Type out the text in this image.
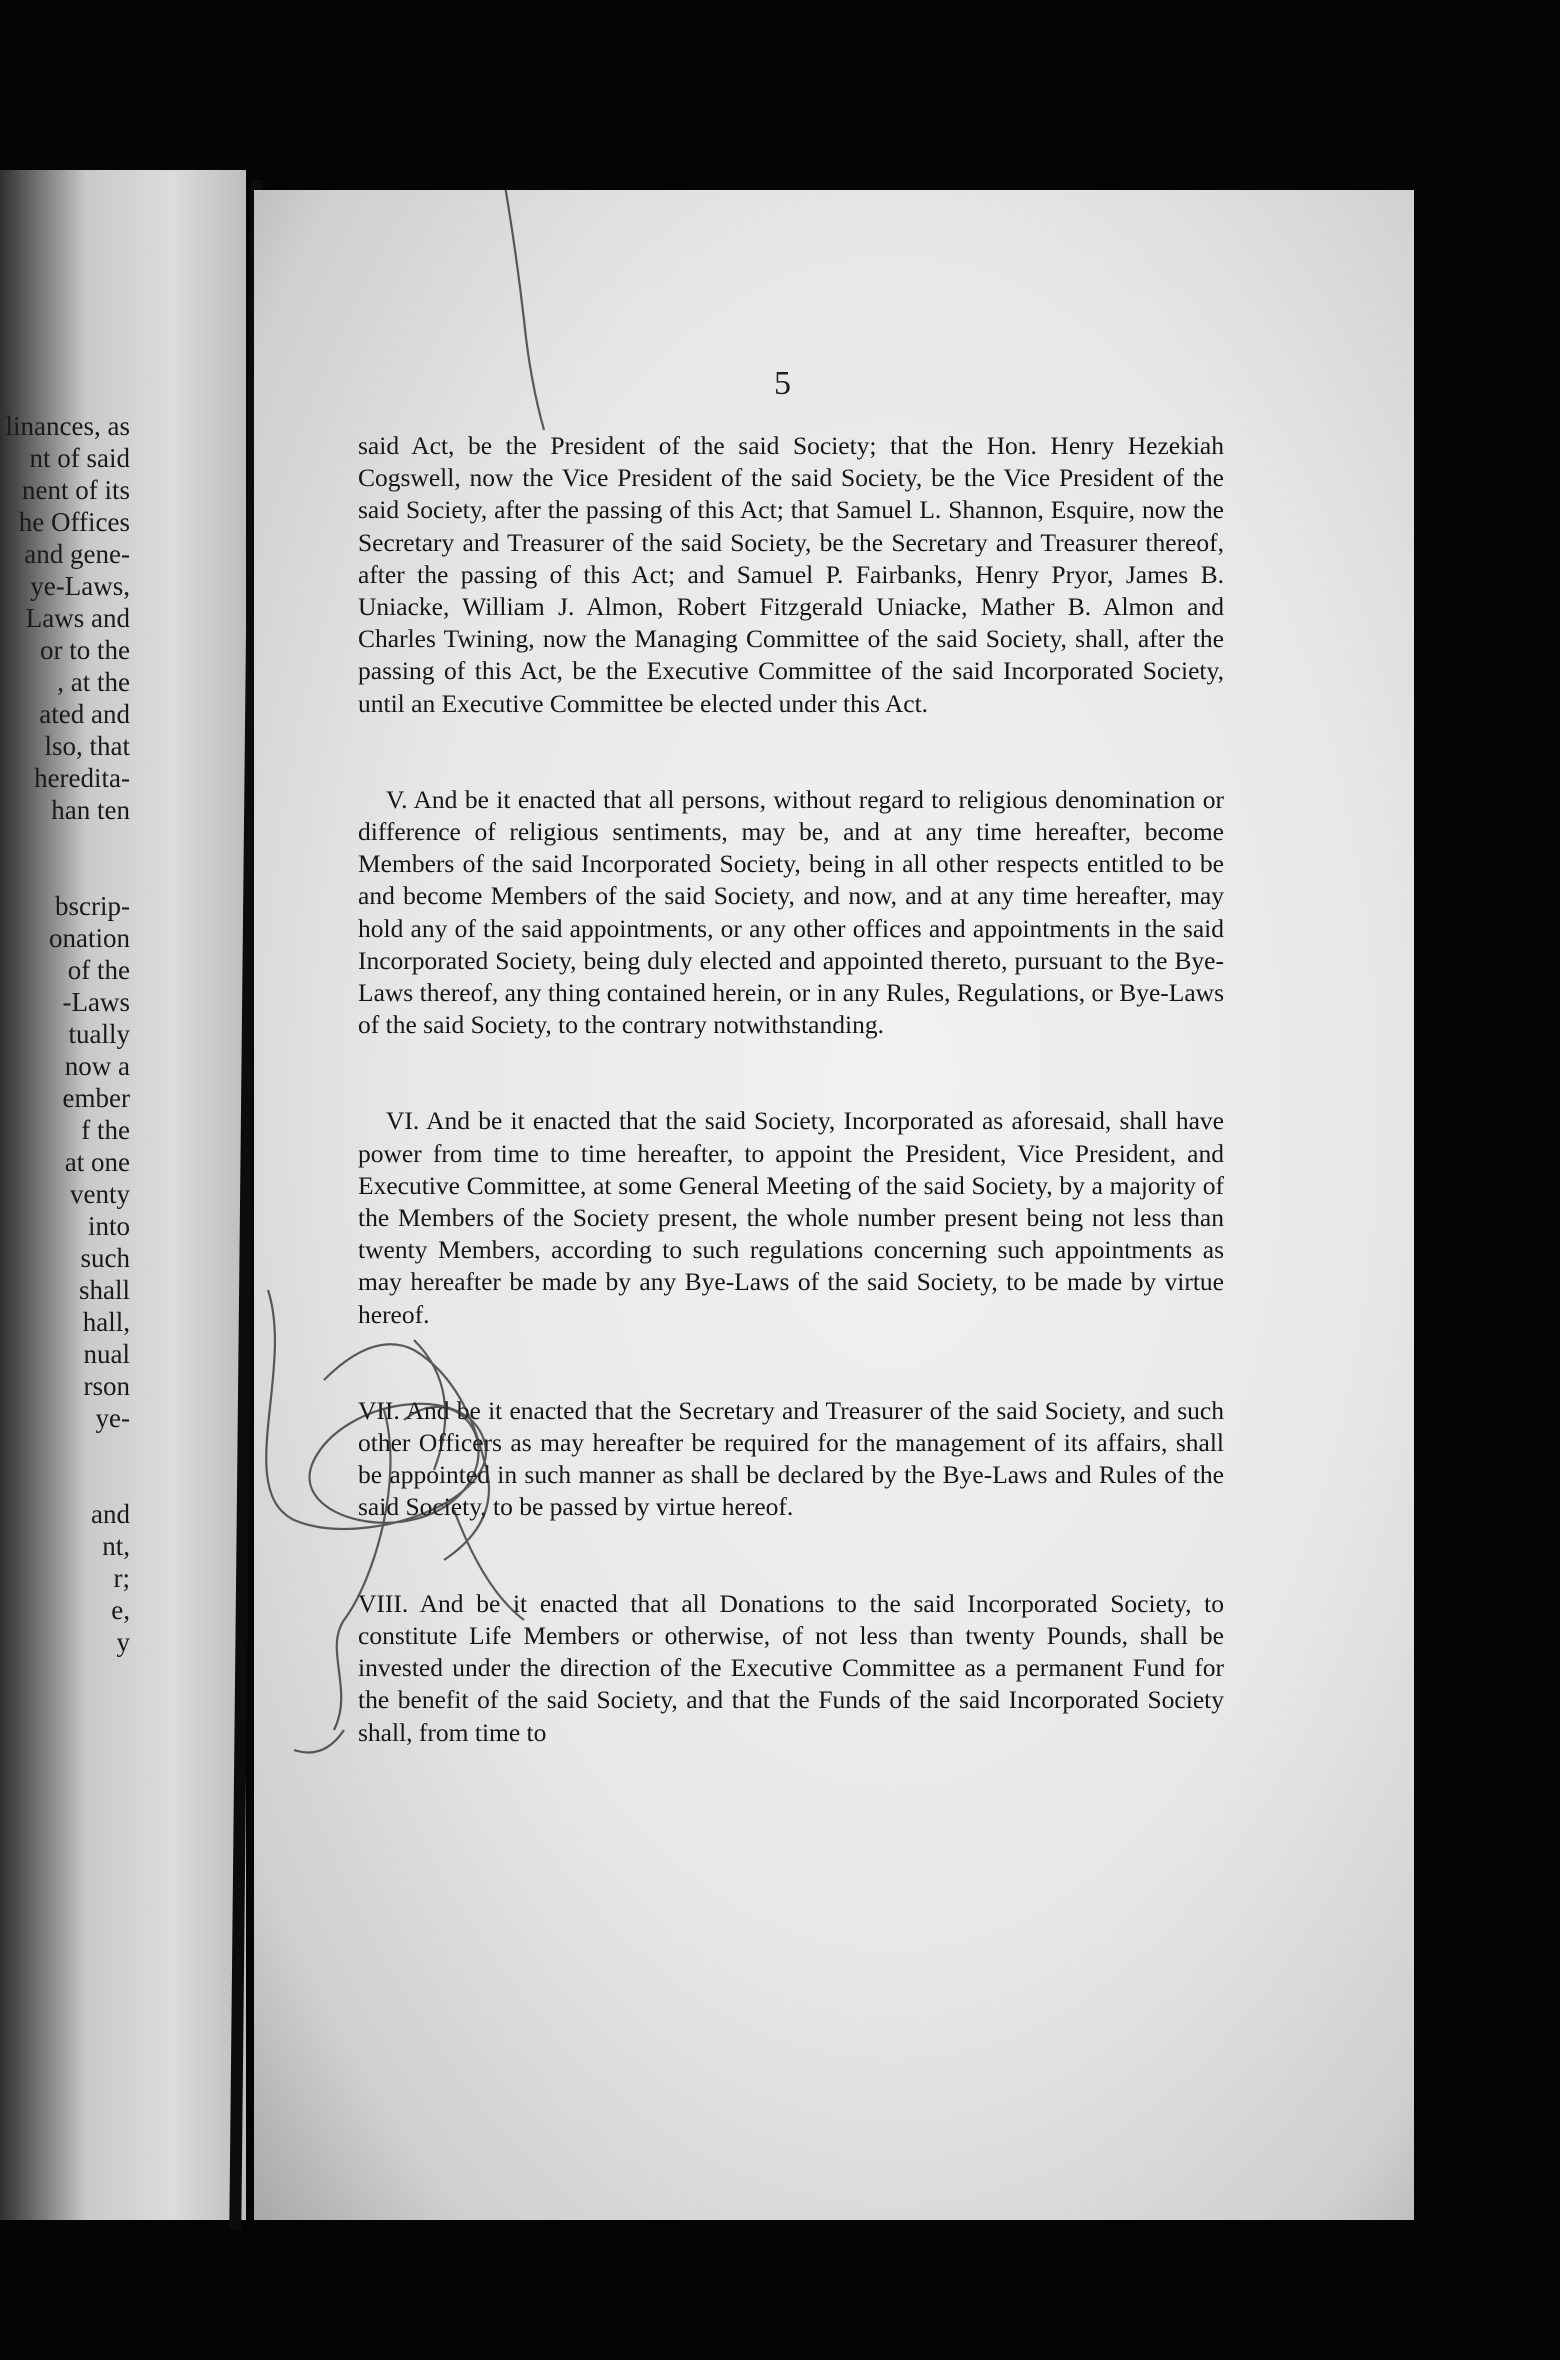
linances, as
nt of said
nent of its
he Offices
and gene-
ye-Laws,
Laws and
or to the
, at the
ated and
lso, that
heredita-
han ten

bscrip-
onation
of the
-Laws
tually
now a
ember
f the
at one
venty
into
such
shall
hall,
nual
rson
ye-

and
nt,
r;
e,
y
5

said Act, be the President of the said Society; that the Hon. Henry Hezekiah Cogswell, now the Vice President of the said Society, be the Vice President of the said Society, after the passing of this Act; that Samuel L. Shannon, Esquire, now the Secretary and Treasurer of the said Society, be the Secretary and Treasurer thereof, after the passing of this Act; and Samuel P. Fairbanks, Henry Pryor, James B. Uniacke, William J. Almon, Robert Fitzgerald Uniacke, Mather B. Almon and Charles Twining, now the Managing Committee of the said Society, shall, after the passing of this Act, be the Executive Committee of the said Incorporated Society, until an Executive Committee be elected under this Act.

V. And be it enacted that all persons, without regard to religious denomination or difference of religious sentiments, may be, and at any time hereafter, become Members of the said Incorporated Society, being in all other respects entitled to be and become Members of the said Society, and now, and at any time hereafter, may hold any of the said appointments, or any other offices and appointments in the said Incorporated Society, being duly elected and appointed thereto, pursuant to the Bye-Laws thereof, any thing contained herein, or in any Rules, Regulations, or Bye-Laws of the said Society, to the contrary notwithstanding.

VI. And be it enacted that the said Society, Incorporated as aforesaid, shall have power from time to time hereafter, to appoint the President, Vice President, and Executive Committee, at some General Meeting of the said Society, by a majority of the Members of the Society present, the whole number present being not less than twenty Members, according to such regulations concerning such appointments as may hereafter be made by any Bye-Laws of the said Society, to be made by virtue hereof.

VII. And be it enacted that the Secretary and Treasurer of the said Society, and such other Officers as may hereafter be required for the management of its affairs, shall be appointed in such manner as shall be declared by the Bye-Laws and Rules of the said Society, to be passed by virtue hereof.

VIII. And be it enacted that all Donations to the said Incorporated Society, to constitute Life Members or otherwise, of not less than twenty Pounds, shall be invested under the direction of the Executive Committee as a permanent Fund for the benefit of the said Society, and that the Funds of the said Incorporated Society shall, from time to
